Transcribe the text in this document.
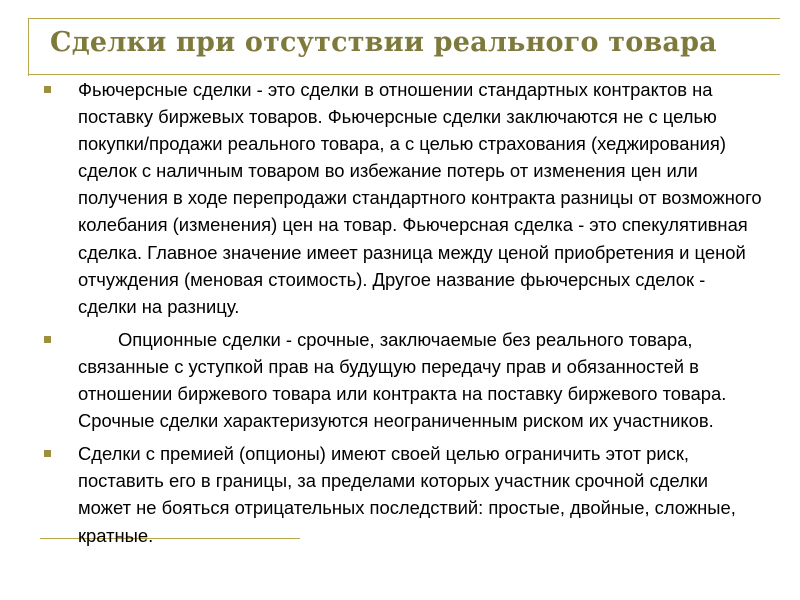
Сделки при отсутствии реального товара
Фьючерсные сделки - это сделки в отношении стандартных контрактов на поставку биржевых товаров. Фьючерсные сделки заключаются не с целью покупки/продажи реального товара, а с целью страхования (хеджирования) сделок с наличным товаром во избежание потерь от изменения цен или получения в ходе перепродажи стандартного контракта разницы от возможного колебания (изменения) цен на товар. Фьючерсная сделка - это спекулятивная сделка. Главное значение имеет разница между ценой приобретения и ценой отчуждения (меновая стоимость). Другое название фьючерсных сделок - сделки на разницу.
Опционные сделки - срочные, заключаемые без реального товара, связанные с уступкой прав на будущую передачу прав и обязанностей в отношении биржевого товара или контракта на поставку биржевого товара. Срочные сделки характеризуются неограниченным риском их участников.
Сделки с премией (опционы) имеют своей целью ограничить этот риск, поставить его в границы, за пределами которых участник срочной сделки может не бояться отрицательных последствий: простые, двойные, сложные, кратные.
